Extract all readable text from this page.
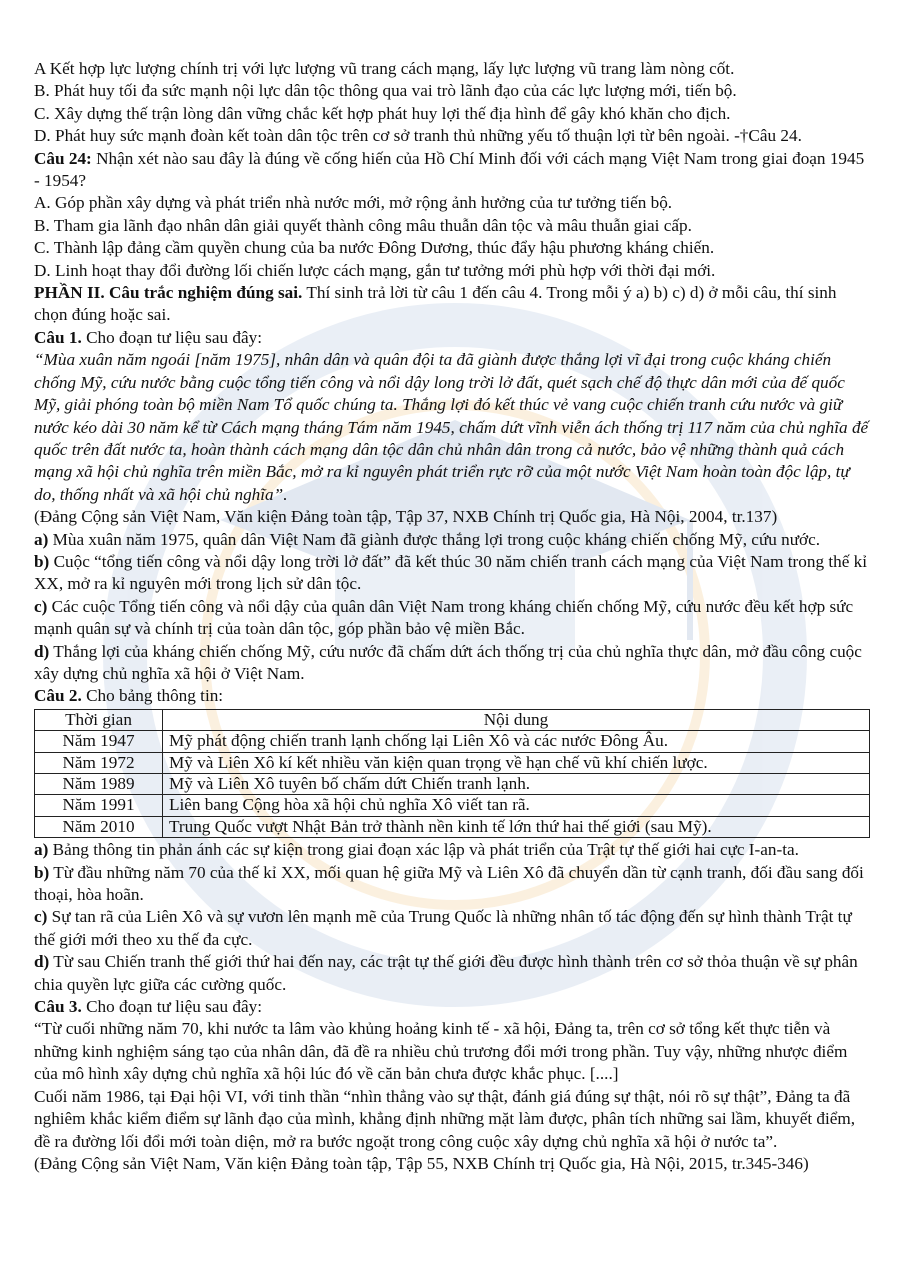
A Kết hợp lực lượng chính trị với lực lượng vũ trang cách mạng, lấy lực lượng vũ trang làm nòng cốt.

B. Phát huy tối đa sức mạnh nội lực dân tộc thông qua vai trò lãnh đạo của các lực lượng mới, tiến bộ.

C. Xây dựng thế trận lòng dân vững chắc kết hợp phát huy lợi thế địa hình để gây khó khăn cho địch.

D. Phát huy sức mạnh đoàn kết toàn dân tộc trên cơ sở tranh thủ những yếu tố thuận lợi từ bên ngoài. -†Câu 24.

Câu 24: Nhận xét nào sau đây là đúng về cống hiến của Hồ Chí Minh đối với cách mạng Việt Nam trong giai đoạn 1945 - 1954?

A. Góp phần xây dựng và phát triển nhà nước mới, mở rộng ảnh hưởng của tư tưởng tiến bộ.

B. Tham gia lãnh đạo nhân dân giải quyết thành công mâu thuẫn dân tộc và mâu thuẫn giai cấp.

C. Thành lập đảng cầm quyền chung của ba nước Đông Dương, thúc đẩy hậu phương kháng chiến.

D. Linh hoạt thay đổi đường lối chiến lược cách mạng, gắn tư tưởng mới phù hợp với thời đại mới.

PHẦN II. Câu trắc nghiệm đúng sai. Thí sinh trả lời từ câu 1 đến câu 4. Trong mỗi ý a) b) c) d) ở mỗi câu, thí sinh chọn đúng hoặc sai.

Câu 1. Cho đoạn tư liệu sau đây:

“Mùa xuân năm ngoái [năm 1975], nhân dân và quân đội ta đã giành được thắng lợi vĩ đại trong cuộc kháng chiến chống Mỹ, cứu nước bằng cuộc tổng tiến công và nổi dậy long trời lở đất, quét sạch chế độ thực dân mới của đế quốc Mỹ, giải phóng toàn bộ miền Nam Tổ quốc chúng ta. Thắng lợi đó kết thúc vẻ vang cuộc chiến tranh cứu nước và giữ nước kéo dài 30 năm kể từ Cách mạng tháng Tám năm 1945, chấm dứt vĩnh viễn ách thống trị 117 năm của chủ nghĩa đế quốc trên đất nước ta, hoàn thành cách mạng dân tộc dân chủ nhân dân trong cả nước, bảo vệ những thành quả cách mạng xã hội chủ nghĩa trên miền Bắc, mở ra kỉ nguyên phát triển rực rỡ của một nước Việt Nam hoàn toàn độc lập, tự do, thống nhất và xã hội chủ nghĩa”.

(Đảng Cộng sản Việt Nam, Văn kiện Đảng toàn tập, Tập 37, NXB Chính trị Quốc gia, Hà Nội, 2004, tr.137)

a) Mùa xuân năm 1975, quân dân Việt Nam đã giành được thắng lợi trong cuộc kháng chiến chống Mỹ, cứu nước.

b) Cuộc “tổng tiến công và nổi dậy long trời lở đất” đã kết thúc 30 năm chiến tranh cách mạng của Việt Nam trong thế kỉ XX, mở ra kỉ nguyên mới trong lịch sử dân tộc.

c) Các cuộc Tổng tiến công và nổi dậy của quân dân Việt Nam trong kháng chiến chống Mỹ, cứu nước đều kết hợp sức mạnh quân sự và chính trị của toàn dân tộc, góp phần bảo vệ miền Bắc.

d) Thắng lợi của kháng chiến chống Mỹ, cứu nước đã chấm dứt ách thống trị của chủ nghĩa thực dân, mở đầu công cuộc xây dựng chủ nghĩa xã hội ở Việt Nam.

Câu 2. Cho bảng thông tin:

Thời gian	Nội dung
Năm 1947	Mỹ phát động chiến tranh lạnh chống lại Liên Xô và các nước Đông Âu.
Năm 1972	Mỹ và Liên Xô kí kết nhiều văn kiện quan trọng về hạn chế vũ khí chiến lược.
Năm 1989	Mỹ và Liên Xô tuyên bố chấm dứt Chiến tranh lạnh.
Năm 1991	Liên bang Cộng hòa xã hội chủ nghĩa Xô viết tan rã.
Năm 2010	Trung Quốc vượt Nhật Bản trở thành nền kinh tế lớn thứ hai thế giới (sau Mỹ).

a) Bảng thông tin phản ánh các sự kiện trong giai đoạn xác lập và phát triển của Trật tự thế giới hai cực I-an-ta.

b) Từ đầu những năm 70 của thế kỉ XX, mối quan hệ giữa Mỹ và Liên Xô đã chuyển dần từ cạnh tranh, đối đầu sang đối thoại, hòa hoãn.

c) Sự tan rã của Liên Xô và sự vươn lên mạnh mẽ của Trung Quốc là những nhân tố tác động đến sự hình thành Trật tự thế giới mới theo xu thế đa cực.

d) Từ sau Chiến tranh thế giới thứ hai đến nay, các trật tự thế giới đều được hình thành trên cơ sở thỏa thuận về sự phân chia quyền lực giữa các cường quốc.

Câu 3. Cho đoạn tư liệu sau đây:

“Từ cuối những năm 70, khi nước ta lâm vào khủng hoảng kinh tế - xã hội, Đảng ta, trên cơ sở tổng kết thực tiễn và những kinh nghiệm sáng tạo của nhân dân, đã đề ra nhiều chủ trương đổi mới trong phần. Tuy vậy, những nhược điểm của mô hình xây dựng chủ nghĩa xã hội lúc đó về căn bản chưa được khắc phục. [....]

Cuối năm 1986, tại Đại hội VI, với tinh thần “nhìn thẳng vào sự thật, đánh giá đúng sự thật, nói rõ sự thật”, Đảng ta đã nghiêm khắc kiểm điểm sự lãnh đạo của mình, khẳng định những mặt làm được, phân tích những sai lầm, khuyết điểm, đề ra đường lối đổi mới toàn diện, mở ra bước ngoặt trong công cuộc xây dựng chủ nghĩa xã hội ở nước ta”.

(Đảng Cộng sản Việt Nam, Văn kiện Đảng toàn tập, Tập 55, NXB Chính trị Quốc gia, Hà Nội, 2015, tr.345-346)
